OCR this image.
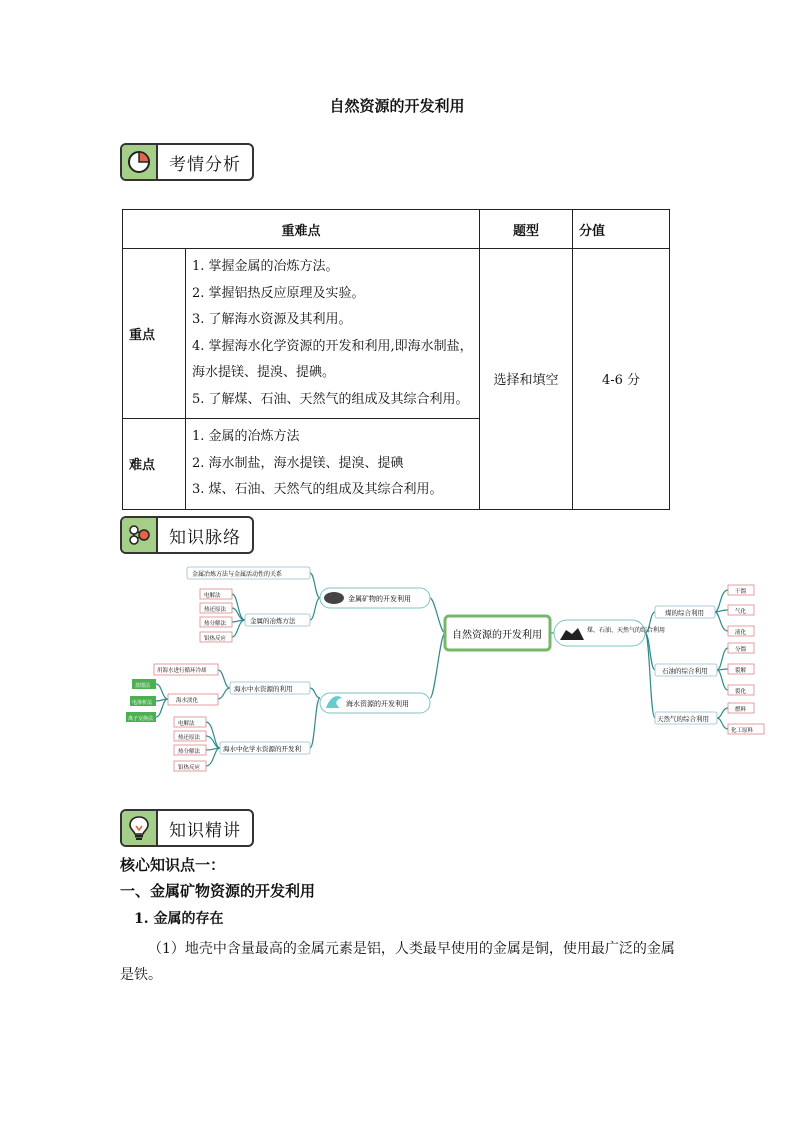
自然资源的开发利用
考情分析
重难点		题型	分值
重点	1. 掌握金属的冶炼方法。
2. 掌握铝热反应原理及实验。
3. 了解海水资源及其利用。
4. 掌握海水化学资源的开发和利用,即海水制盐，海水提镁、提溴、提碘。
5. 了解煤、石油、天然气的组成及其综合利用。	选择和填空	4-6 分
难点	1. 金属的冶炼方法
2. 海水制盐，海水提镁、提溴、提碘
3. 煤、石油、天然气的组成及其综合利用。		
知识脉络
自然资源的开发利用
金属矿物的开发利用
金属冶炼方法与金属活动性的关系
金属的冶炼方法
电解法
热还原法
热分解法
铝热反应
海水资源的开发利用
海水中水资源的利用
海水中化学水资源的开发利
用海水进行循环冷却
海水淡化
蒸馏法
电渗析法
离子交换法
电解法
热还原法
热分解法
铝热反应
煤、石油、天然气的综合利用
煤的综合利用
石油的综合利用
天然气的综合利用
干馏
气化
液化
分馏
裂解
裂化
燃料
化工原料
知识精讲
核心知识点一：
一、金属矿物资源的开发利用
1. 金属的存在
（1）地壳中含量最高的金属元素是铝，人类最早使用的金属是铜，使用最广泛的金属是铁。
